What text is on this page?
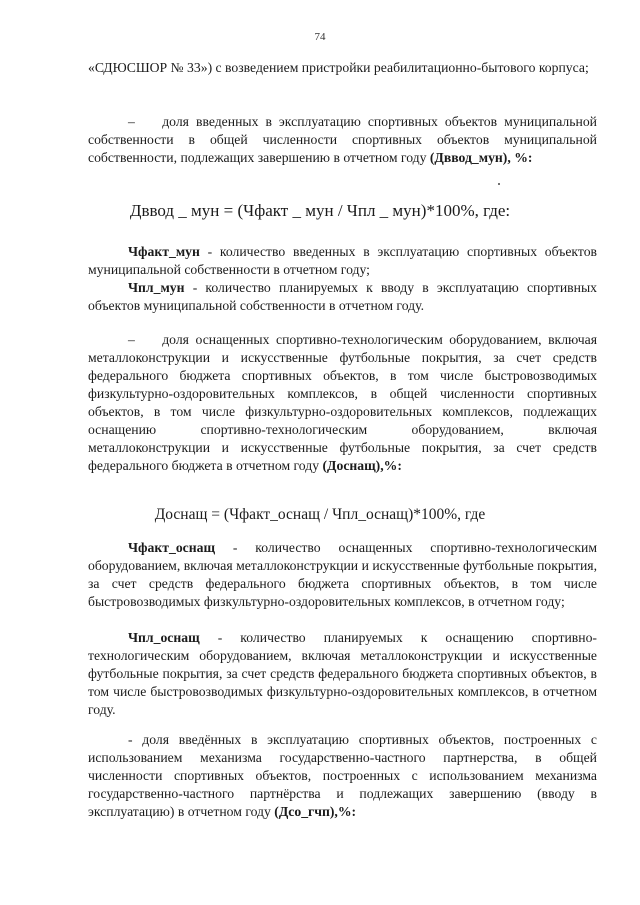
74

«СДЮСШОР № 33») с возведением пристройки реабилитационно-бытового корпуса;

–  доля введенных в эксплуатацию спортивных объектов муниципальной собственности в общей численности спортивных объектов муниципальной собственности, подлежащих завершению в отчетном году (Дввод_мун), %:

Дввод _ мун = (Чфакт _ мун / Чпл _ мун)*100%, где:

Чфакт_мун - количество введенных в эксплуатацию спортивных объектов муниципальной собственности в отчетном году;

Чпл_мун - количество планируемых к вводу в эксплуатацию спортивных объектов муниципальной собственности в отчетном году.

–  доля оснащенных спортивно-технологическим оборудованием, включая металлоконструкции и искусственные футбольные покрытия, за счет средств федерального бюджета спортивных объектов, в том числе быстровозводимых физкультурно-оздоровительных комплексов, в общей численности спортивных объектов, в том числе физкультурно-оздоровительных комплексов, подлежащих оснащению спортивно-технологическим оборудованием, включая металлоконструкции и искусственные футбольные покрытия, за счет средств федерального бюджета в отчетном году (Доснащ),%:

Доснащ = (Чфакт_оснащ / Чпл_оснащ)*100%, где

Чфакт_оснащ - количество оснащенных спортивно-технологическим оборудованием, включая металлоконструкции и искусственные футбольные покрытия, за счет средств федерального бюджета спортивных объектов, в том числе быстровозводимых физкультурно-оздоровительных комплексов, в отчетном году;

Чпл_оснащ - количество планируемых к оснащению спортивно-технологическим оборудованием, включая металлоконструкции и искусственные футбольные покрытия, за счет средств федерального бюджета спортивных объектов, в том числе быстровозводимых физкультурно-оздоровительных комплексов, в отчетном году.

- доля введённых в эксплуатацию спортивных объектов, построенных с использованием механизма государственно-частного партнерства, в общей численности спортивных объектов, построенных с использованием механизма государственно-частного партнёрства и подлежащих завершению (вводу в эксплуатацию) в отчетном году (Дсо_гчп),%:
